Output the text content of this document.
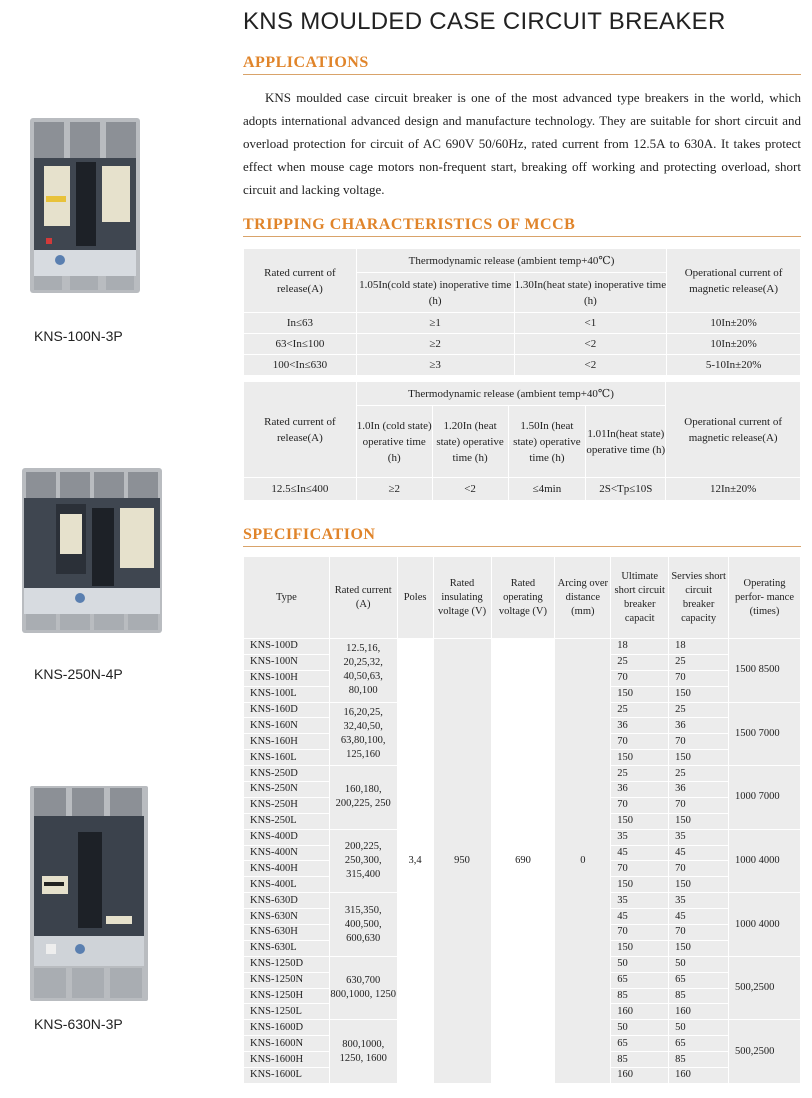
KNS-100N-3P
KNS-250N-4P
KNS-630N-3P
KNS MOULDED CASE CIRCUIT BREAKER
APPLICATIONS
KNS moulded case circuit breaker is one of the most advanced type breakers in the world, which adopts international advanced design and manufacture technology. They are suitable for short circuit and overload protection for circuit of AC 690V 50/60Hz, rated current from 12.5A to 630A. It takes protect effect when mouse cage motors non-frequent start, breaking off working and protecting overload, short circuit and lacking voltage.
TRIPPING CHARACTERISTICS OF MCCB
Rated current of release(A)	Thermodynamic release (ambient temp+40℃)		Operational current of magnetic release(A)
	1.05In(cold state) inoperative time (h)	1.30In(heat state) inoperative time (h)	
In≤63	≥1	<1	10In±20%
63<In≤100	≥2	<2	10In±20%
100<In≤630	≥3	<2	5-10In±20%
Rated current of release(A)	Thermodynamic release (ambient temp+40℃)				Operational current of magnetic release(A)
	1.0In (cold state) operative time (h)	1.20In (heat state) operative time (h)	1.50In (heat state) operative time (h)	1.01In(heat state) operative time (h)	
12.5≤In≤400	≥2	<2	≤4min	2S<Tp≤10S	12In±20%
SPECIFICATION
Type	Rated current (A)	Poles	Rated insulating voltage (V)	Rated operating voltage (V)	Arcing over distance (mm)	Ultimate short circuit breaker capacit	Servies short circuit breaker capacity	Operating perfor- mance (times)
KNS-100D	12.5,16, 20,25,32, 40,50,63, 80,100	3,4	950	690	0	18	18	1500 8500
KNS-100N						25	25	
KNS-100H						70	70	
KNS-100L						150	150	
KNS-160D	16,20,25, 32,40,50, 63,80,100, 125,160					25	25	1500 7000
KNS-160N						36	36	
KNS-160H						70	70	
KNS-160L						150	150	
KNS-250D	160,180, 200,225, 250					25	25	1000 7000
KNS-250N						36	36	
KNS-250H						70	70	
KNS-250L						150	150	
KNS-400D	200,225, 250,300, 315,400					35	35	1000 4000
KNS-400N						45	45	
KNS-400H						70	70	
KNS-400L						150	150	
KNS-630D	315,350, 400,500, 600,630					35	35	1000 4000
KNS-630N						45	45	
KNS-630H						70	70	
KNS-630L						150	150	
KNS-1250D	630,700 800,1000, 1250					50	50	500,2500
KNS-1250N						65	65	
KNS-1250H						85	85	
KNS-1250L						160	160	
KNS-1600D	800,1000, 1250, 1600					50	50	500,2500
KNS-1600N						65	65	
KNS-1600H						85	85	
KNS-1600L						160	160	
